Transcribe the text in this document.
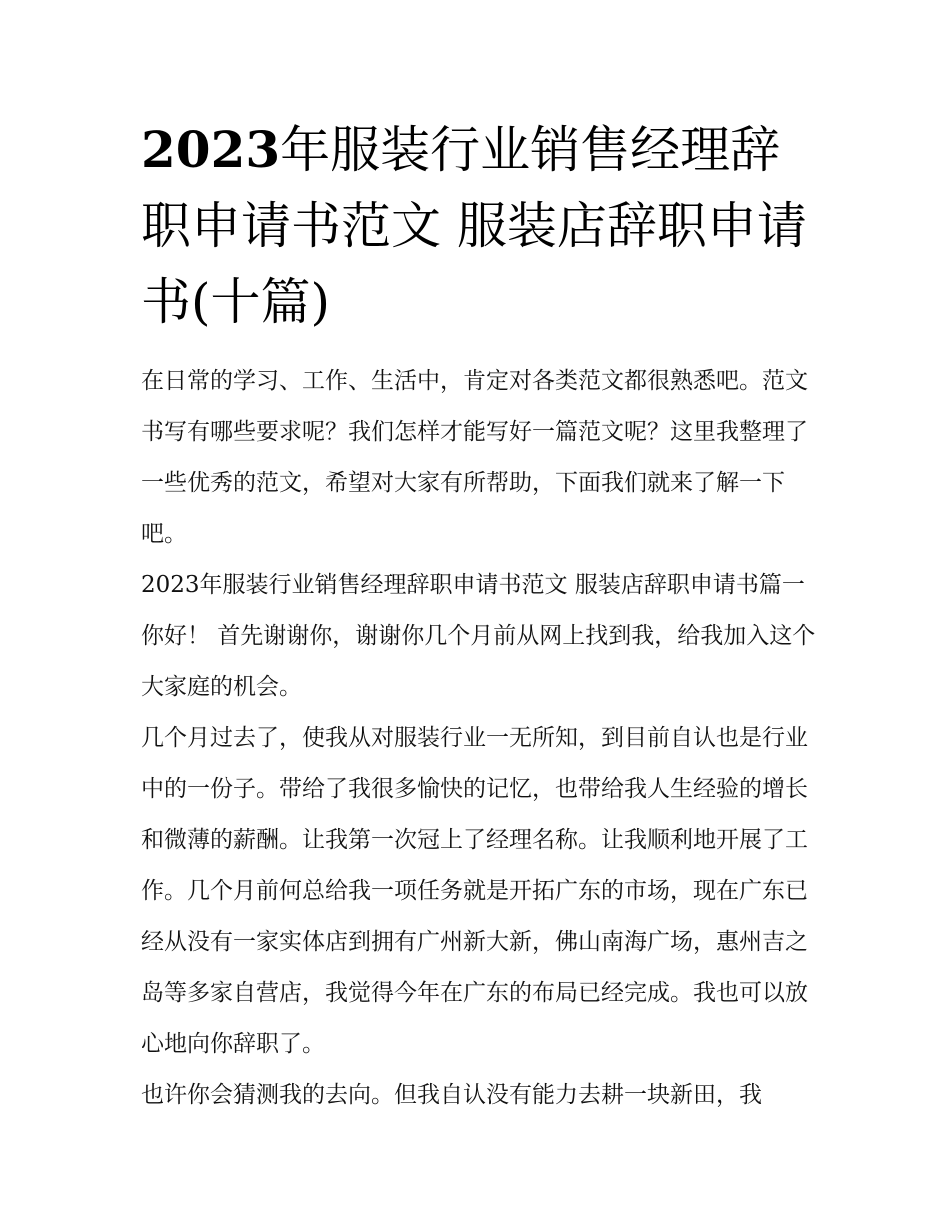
2023年服装行业销售经理辞职申请书范文 服装店辞职申请书(十篇)

在日常的学习、工作、生活中，肯定对各类范文都很熟悉吧。范文书写有哪些要求呢？我们怎样才能写好一篇范文呢？这里我整理了一些优秀的范文，希望对大家有所帮助，下面我们就来了解一下吧。

2023年服装行业销售经理辞职申请书范文 服装店辞职申请书篇一 你好！ 首先谢谢你，谢谢你几个月前从网上找到我，给我加入这个大家庭的机会。

几个月过去了，使我从对服装行业一无所知，到目前自认也是行业中的一份子。带给了我很多愉快的记忆，也带给我人生经验的增长和微薄的薪酬。让我第一次冠上了经理名称。让我顺利地开展了工作。几个月前何总给我一项任务就是开拓广东的市场，现在广东已经从没有一家实体店到拥有广州新大新，佛山南海广场，惠州吉之岛等多家自营店，我觉得今年在广东的布局已经完成。我也可以放心地向你辞职了。

也许你会猜测我的去向。但我自认没有能力去耕一块新田，我
